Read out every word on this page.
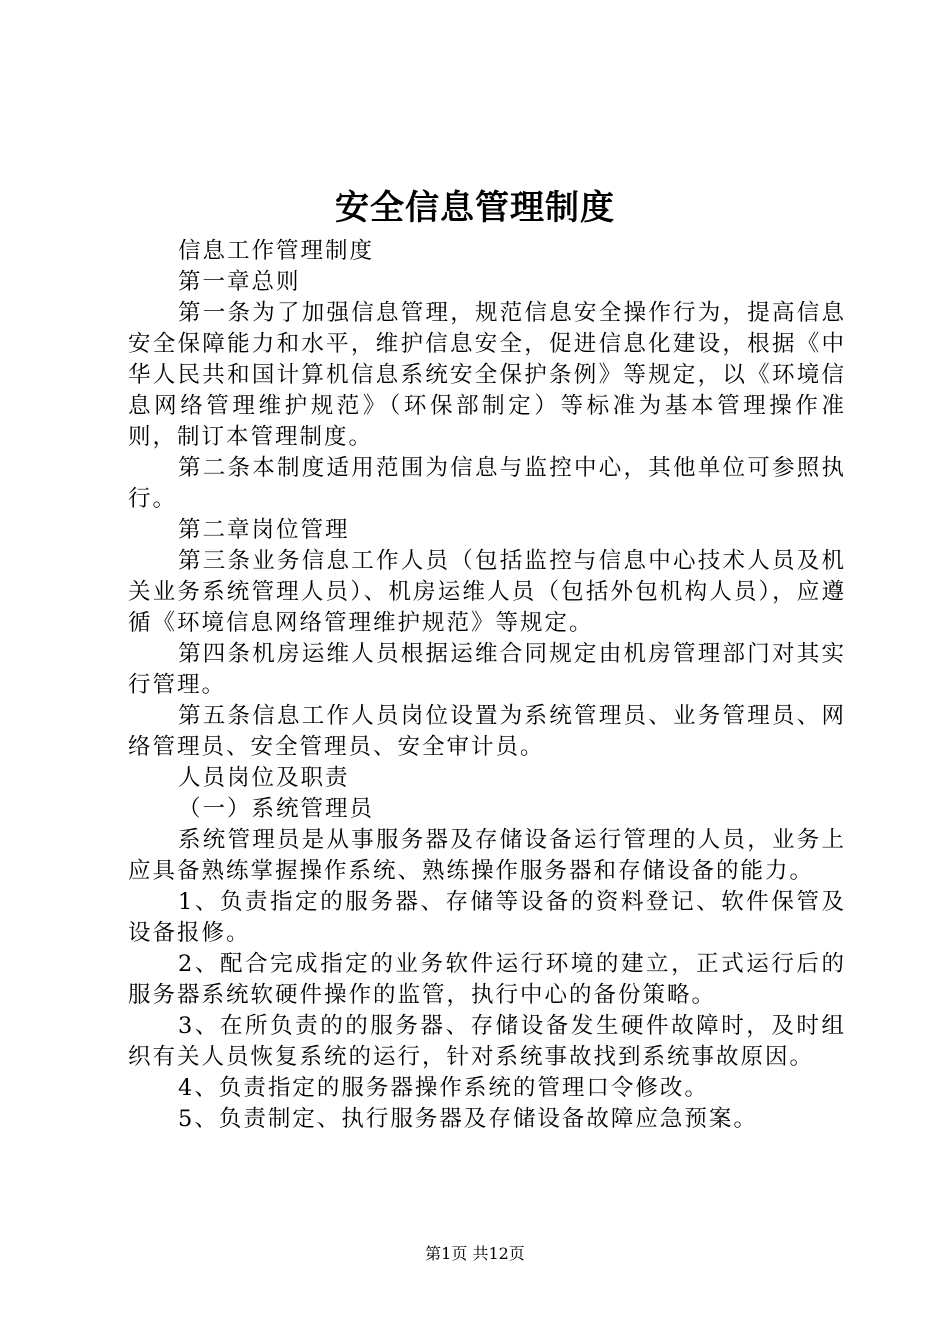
安全信息管理制度

信息工作管理制度

第一章总则

第一条为了加强信息管理，规范信息安全操作行为，提高信息安全保障能力和水平，维护信息安全，促进信息化建设，根据《中华人民共和国计算机信息系统安全保护条例》等规定，以《环境信息网络管理维护规范》（环保部制定）等标准为基本管理操作准则，制订本管理制度。

第二条本制度适用范围为信息与监控中心，其他单位可参照执行。

第二章岗位管理

第三条业务信息工作人员（包括监控与信息中心技术人员及机关业务系统管理人员）、机房运维人员（包括外包机构人员），应遵循《环境信息网络管理维护规范》等规定。

第四条机房运维人员根据运维合同规定由机房管理部门对其实行管理。

第五条信息工作人员岗位设置为系统管理员、业务管理员、网络管理员、安全管理员、安全审计员。

人员岗位及职责

（一）系统管理员

系统管理员是从事服务器及存储设备运行管理的人员，业务上应具备熟练掌握操作系统、熟练操作服务器和存储设备的能力。

1、负责指定的服务器、存储等设备的资料登记、软件保管及设备报修。

2、配合完成指定的业务软件运行环境的建立，正式运行后的服务器系统软硬件操作的监管，执行中心的备份策略。

3、在所负责的的服务器、存储设备发生硬件故障时，及时组织有关人员恢复系统的运行，针对系统事故找到系统事故原因。

4、负责指定的服务器操作系统的管理口令修改。

5、负责制定、执行服务器及存储设备故障应急预案。

第1页 共12页
